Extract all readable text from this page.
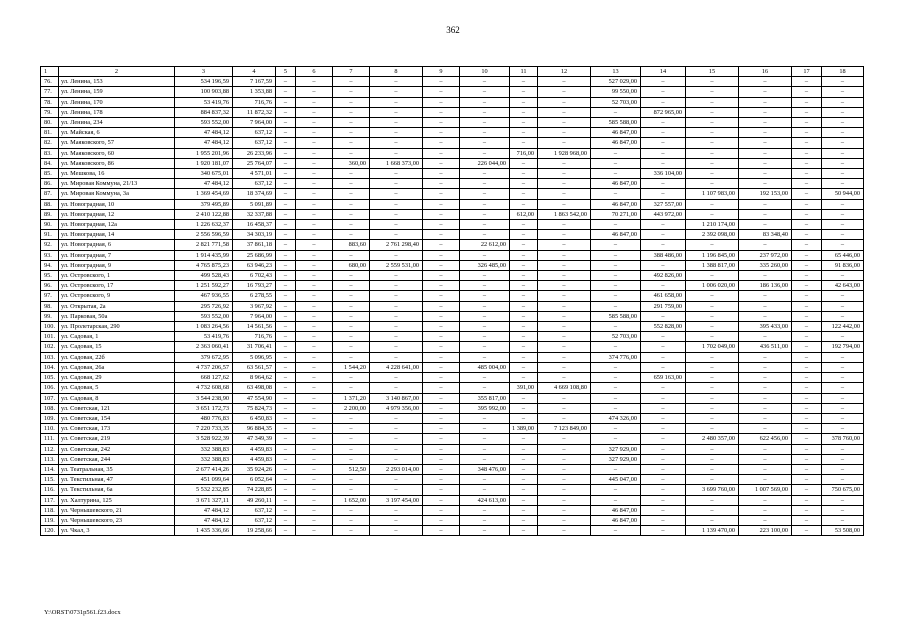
362
1	2	3	4	5	6	7	8	9	10	11	12	13	14	15	16	17	18
76.	ул. Ленина, 153	534 196,59	7 167,59	–	–	–	–	–	–	–	–	527 029,00	–	–	–	–	–
77.	ул. Ленина, 159	100 903,88	1 353,88	–	–	–	–	–	–	–	–	99 550,00	–	–	–	–	–
78.	ул. Ленина, 170	53 419,76	716,76	–	–	–	–	–	–	–	–	52 703,00	–	–	–	–	–
79.	ул. Ленина, 178	884 837,32	11 872,32	–	–	–	–	–	–	–	–	–	872 965,00	–	–	–	–
80.	ул. Ленина, 234	593 552,00	7 964,00	–	–	–	–	–	–	–	–	585 588,00	–	–	–	–	–
81.	ул. Майская, 6	47 484,12	637,12	–	–	–	–	–	–	–	–	46 847,00	–	–	–	–	–
82.	ул. Маяковского, 57	47 484,12	637,12	–	–	–	–	–	–	–	–	46 847,00	–	–	–	–	–
83.	ул. Маяковского, 60	1 955 201,96	26 233,96	–	–	–	–	–	–	716,00	1 928 968,00	–	–	–	–	–	–
84.	ул. Маяковского, 86	1 920 181,07	25 764,07	–	–	360,00	1 668 373,00	–	226 044,00	–	–	–	–	–	–	–	–
85.	ул. Мешкова, 16	340 675,01	4 571,01	–	–	–	–	–	–	–	–	–	336 104,00	–	–	–	–
86.	ул. Мировая Коммуна, 21/13	47 484,12	637,12	–	–	–	–	–	–	–	–	46 847,00	–	–	–	–	–
87.	ул. Мировая Коммуна, 3а	1 369 454,69	18 374,69	–	–	–	–	–	–	–	–	–	–	1 107 983,00	192 153,00	–	50 944,00
88.	ул. Новоградная, 10	379 495,89	5 091,89	–	–	–	–	–	–	–	–	46 847,00	327 557,00	–	–	–	–
89.	ул. Новоградная, 12	2 410 122,88	32 337,88	–	–	–	–	–	–	612,00	1 863 542,00	70 271,00	443 972,00	–	–	–	–
90.	ул. Новоградная, 12а	1 226 632,37	16 458,37	–	–	–	–	–	–	–	–	–	–	1 210 174,00	–	–	–
91.	ул. Новоградная, 14	2 556 596,59	34 303,19	–	–	–	–	–	–	–	–	46 847,00	–	2 392 098,00	83 348,40	–	–
92.	ул. Новоградная, 6	2 821 771,58	37 861,18	–	–	883,60	2 761 298,40	–	22 612,00	–	–	–	–	–	–	–	–
93.	ул. Новоградная, 7	1 914 435,99	25 686,99	–	–	–	–	–	–	–	–	–	388 486,00	1 196 845,00	237 972,00	–	65 446,00
94.	ул. Новоградная, 9	4 765 875,23	63 946,23	–	–	680,00	2 559 531,00	–	326 485,00	–	–	–	–	1 388 817,00	335 260,00	–	91 836,00
95.	ул. Островского, 1	499 528,43	6 702,43	–	–	–	–	–	–	–	–	–	492 826,00	–	–	–	–
96.	ул. Островского, 17	1 251 592,27	16 793,27	–	–	–	–	–	–	–	–	–	–	1 006 020,00	186 136,00	–	42 643,00
97.	ул. Островского, 9	467 936,55	6 278,55	–	–	–	–	–	–	–	–	–	461 658,00	–	–	–	–
98.	ул. Открытая, 2а	295 726,92	3 967,92	–	–	–	–	–	–	–	–	–	291 759,00	–	–	–	–
99.	ул. Парковая, 50а	593 552,00	7 964,00	–	–	–	–	–	–	–	–	585 588,00	–	–	–	–	–
100.	ул. Пролетарская, 290	1 083 264,56	14 561,56	–	–	–	–	–	–	–	–	–	552 828,00	–	395 433,00	–	122 442,00
101.	ул. Садовая, 1	53 419,76	716,76	–	–	–	–	–	–	–	–	52 703,00	–	–	–	–	–
102.	ул. Садовая, 15	2 363 060,41	31 706,41	–	–	–	–	–	–	–	–	–	–	1 702 049,00	436 511,00	–	192 794,00
103.	ул. Садовая, 22б	379 672,95	5 096,95	–	–	–	–	–	–	–	–	374 776,00	–	–	–	–	–
104.	ул. Садовая, 26а	4 737 206,57	63 561,57	–	–	1 544,20	4 228 641,00	–	485 004,00	–	–	–	–	–	–	–	–
105.	ул. Садовая, 29	668 127,62	8 964,62	–	–	–	–	–	–	–	–	–	659 163,00	–	–	–	–
106.	ул. Садовая, 5	4 732 608,68	63 498,08	–	–	–	–	–	–	391,00	4 669 108,80	–	–	–	–	–	–
107.	ул. Садовая, 8	3 544 238,90	47 554,90	–	–	1 371,20	3 140 867,00	–	355 817,00	–	–	–	–	–	–	–	–
108.	ул. Советская, 121	3 651 172,73	75 824,73	–	–	2 200,00	4 979 356,00	–	395 992,00	–	–	–	–	–	–	–	–
109.	ул. Советская, 154	480 776,83	6 450,83	–	–	–	–	–	–	–	–	474 326,00	–	–	–	–	–
110.	ул. Советская, 173	7 220 733,35	96 884,35	–	–	–	–	–	–	1 389,00	7 123 849,00	–	–	–	–	–	–
111.	ул. Советская, 219	3 528 922,39	47 349,39	–	–	–	–	–	–	–	–	–	–	2 480 357,00	622 456,00	–	378 760,00
112.	ул. Советская, 242	332 388,83	4 459,83	–	–	–	–	–	–	–	–	327 929,00	–	–	–	–	–
113.	ул. Советская, 244	332 388,83	4 459,83	–	–	–	–	–	–	–	–	327 929,00	–	–	–	–	–
114.	ул. Театральная, 35	2 677 414,26	35 924,26	–	–	512,50	2 293 014,00	–	348 476,00	–	–	–	–	–	–	–	–
115.	ул. Текстильная, 47	451 099,64	6 052,64	–	–	–	–	–	–	–	–	445 047,00	–	–	–	–	–
116.	ул. Текстильная, 6а	5 532 232,85	74 228,85	–	–	–	–	–	–	–	–	–	–	3 699 760,00	1 007 569,00	–	750 675,00
117.	ул. Халтурина, 125	3 671 327,11	49 260,11	–	–	1 652,00	3 197 454,00	–	424 613,00	–	–	–	–	–	–	–	–
118.	ул. Чернышевского, 21	47 484,12	637,12	–	–	–	–	–	–	–	–	46 847,00	–	–	–	–	–
119.	ул. Чернышевского, 23	47 484,12	637,12	–	–	–	–	–	–	–	–	46 847,00	–	–	–	–	–
120.	ул. Чкал, 3	1 435 336,66	19 258,66	–	–	–	–	–	–	–	–	–	–	1 139 470,00	223 100,00	–	53 508,00
Y:\ORST\0731p561.f23.docx
